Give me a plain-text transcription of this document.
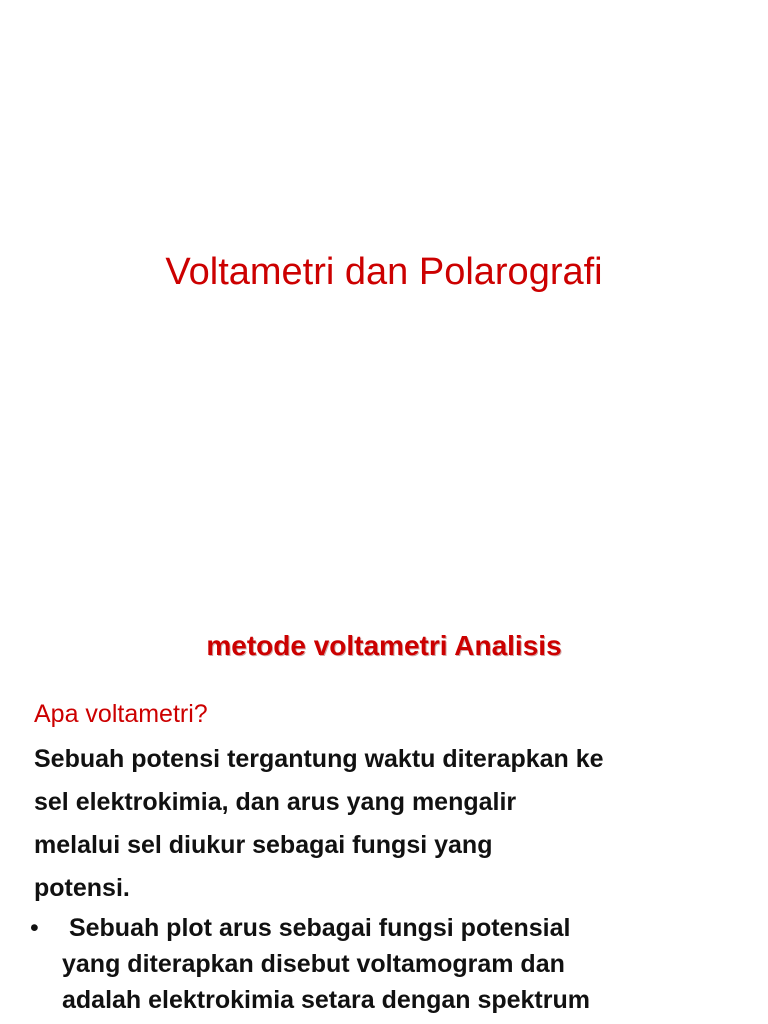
Voltametri dan Polarografi
metode voltametri Analisis

Apa voltametri?

Sebuah potensi tergantung waktu diterapkan ke
sel elektrokimia, dan arus yang mengalir
melalui sel diukur sebagai fungsi yang
potensi.

• Sebuah plot arus sebagai fungsi potensial
yang diterapkan disebut voltamogram dan
adalah elektrokimia setara dengan spektrum
